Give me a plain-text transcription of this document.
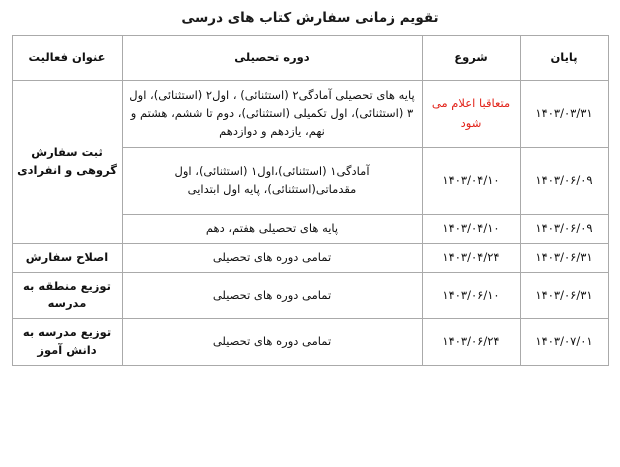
تقویم زمانی سفارش کتاب های درسی
پایان	شروع	دوره تحصیلی	عنوان فعالیت
۱۴۰۳/۰۳/۳۱	متعاقبا اعلام می شود	پایه های تحصیلی آمادگی۲ (استثنائی) ، اول۲ (استثنائی)، اول ۳ (استثنائی)، اول تکمیلی (استثنائی)، دوم تا ششم، هشتم و نهم، یازدهم و دوازدهم	ثبت سفارش گروهی و انفرادی
۱۴۰۳/۰۶/۰۹	۱۴۰۳/۰۴/۱۰	آمادگی۱ (استثنائی)،اول۱ (استثنائی)، اول مقدماتی(استثنائی)، پایه اول ابتدایی	
۱۴۰۳/۰۶/۰۹	۱۴۰۳/۰۴/۱۰	پایه های تحصیلی هفتم، دهم	
۱۴۰۳/۰۶/۳۱	۱۴۰۳/۰۴/۲۴	تمامی دوره های تحصیلی	اصلاح سفارش
۱۴۰۳/۰۶/۳۱	۱۴۰۳/۰۶/۱۰	تمامی دوره های تحصیلی	توزیع منطقه به مدرسه
۱۴۰۳/۰۷/۰۱	۱۴۰۳/۰۶/۲۴	تمامی دوره های تحصیلی	توزیع مدرسه به دانش آموز
